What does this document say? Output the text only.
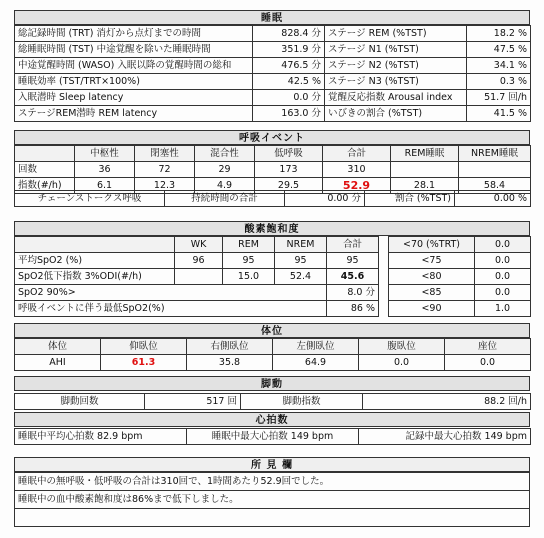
睡眠
総記録時間 (TRT) 消灯から点灯までの時間	828.4 分	ステージ REM (%TST)	18.2 %
総睡眠時間 (TST) 中途覚醒を除いた睡眠時間	351.9 分	ステージ N1 (%TST)	47.5 %
中途覚醒時間 (WASO) 入眠以降の覚醒時間の総和	476.5 分	ステージ N2 (%TST)	34.1 %
睡眠効率 (TST/TRT×100%)	42.5 %	ステージ N3 (%TST)	0.3 %
入眠潜時 Sleep latency	0.0 分	覚醒反応指数 Arousal index	51.7 回/h
ステージREM潜時 REM latency	163.0 分	いびきの割合 (%TST)	41.5 %
呼吸イベント
	中枢性	閉塞性	混合性	低呼吸	合計	REM睡眠	NREM睡眠
回数	36	72	29	173	310		
指数(#/h)	6.1	12.3	4.9	29.5	52.9	28.1	58.4
チェーンストークス呼吸	持続時間の合計	0.00 分	割合 (%TST)	0.00 %
酸素飽和度
	WK	REM	NREM	合計
平均SpO2 (%)	96	95	95	95
SpO2低下指数 3%ODI(#/h)		15.0	52.4	45.6
SpO2 90%>				8.0 分
呼吸イベントに伴う最低SpO2(%)				86 %
<70 (%TRT)	0.0
<75	0.0
<80	0.0
<85	0.0
<90	1.0
体位
体位	仰臥位	右側臥位	左側臥位	腹臥位	座位
AHI	61.3	35.8	64.9	0.0	0.0
脚動
脚動回数	517 回	脚動指数	88.2 回/h
心拍数
睡眠中平均心拍数 82.9 bpm	睡眠中最大心拍数 149 bpm	記録中最大心拍数 149 bpm
所 見 欄
睡眠中の無呼吸・低呼吸の合計は310回で、1時間あたり52.9回でした。
睡眠中の血中酸素飽和度は86%まで低下しました。
